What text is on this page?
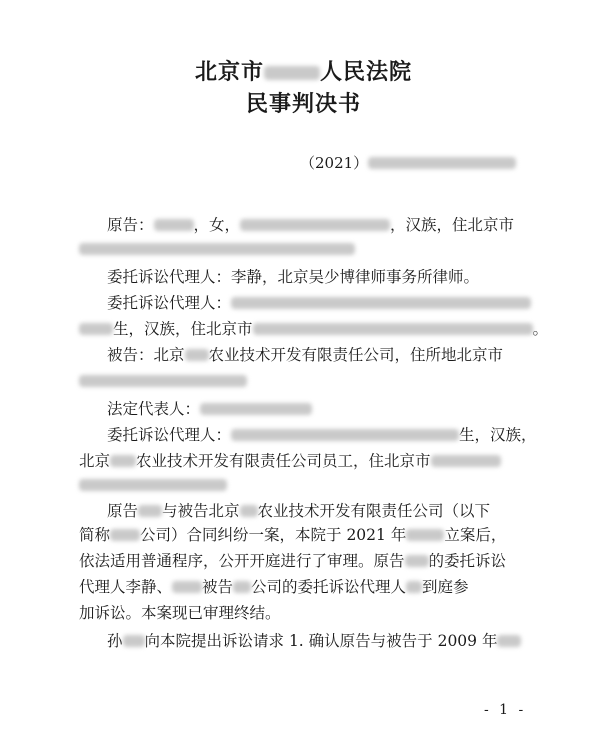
北京市	人民法院
民事判决书
（2021）
原告：	，女，	，汉族，住北京市
委托诉讼代理人：李静，北京吴少博律师事务所律师。
委托诉讼代理人：
生，汉族，住北京市	。
被告：北京 农业技术开发有限责任公司，住所地北京市
法定代表人：
委托诉讼代理人：	生，汉族，
北京 农业技术开发有限责任公司员工，住北京市
原告 与被告北京 农业技术开发有限责任公司（以下
简称 公司）合同纠纷一案，本院于 2021 年 立案后，
依法适用普通程序，公开开庭进行了审理。原告 的委托诉讼
代理人李静、 被告 公司的委托诉讼代理人 到庭参
加诉讼。本案现已审理终结。
孙 向本院提出诉讼请求 1. 确认原告与被告于 2009 年
- 1 -
